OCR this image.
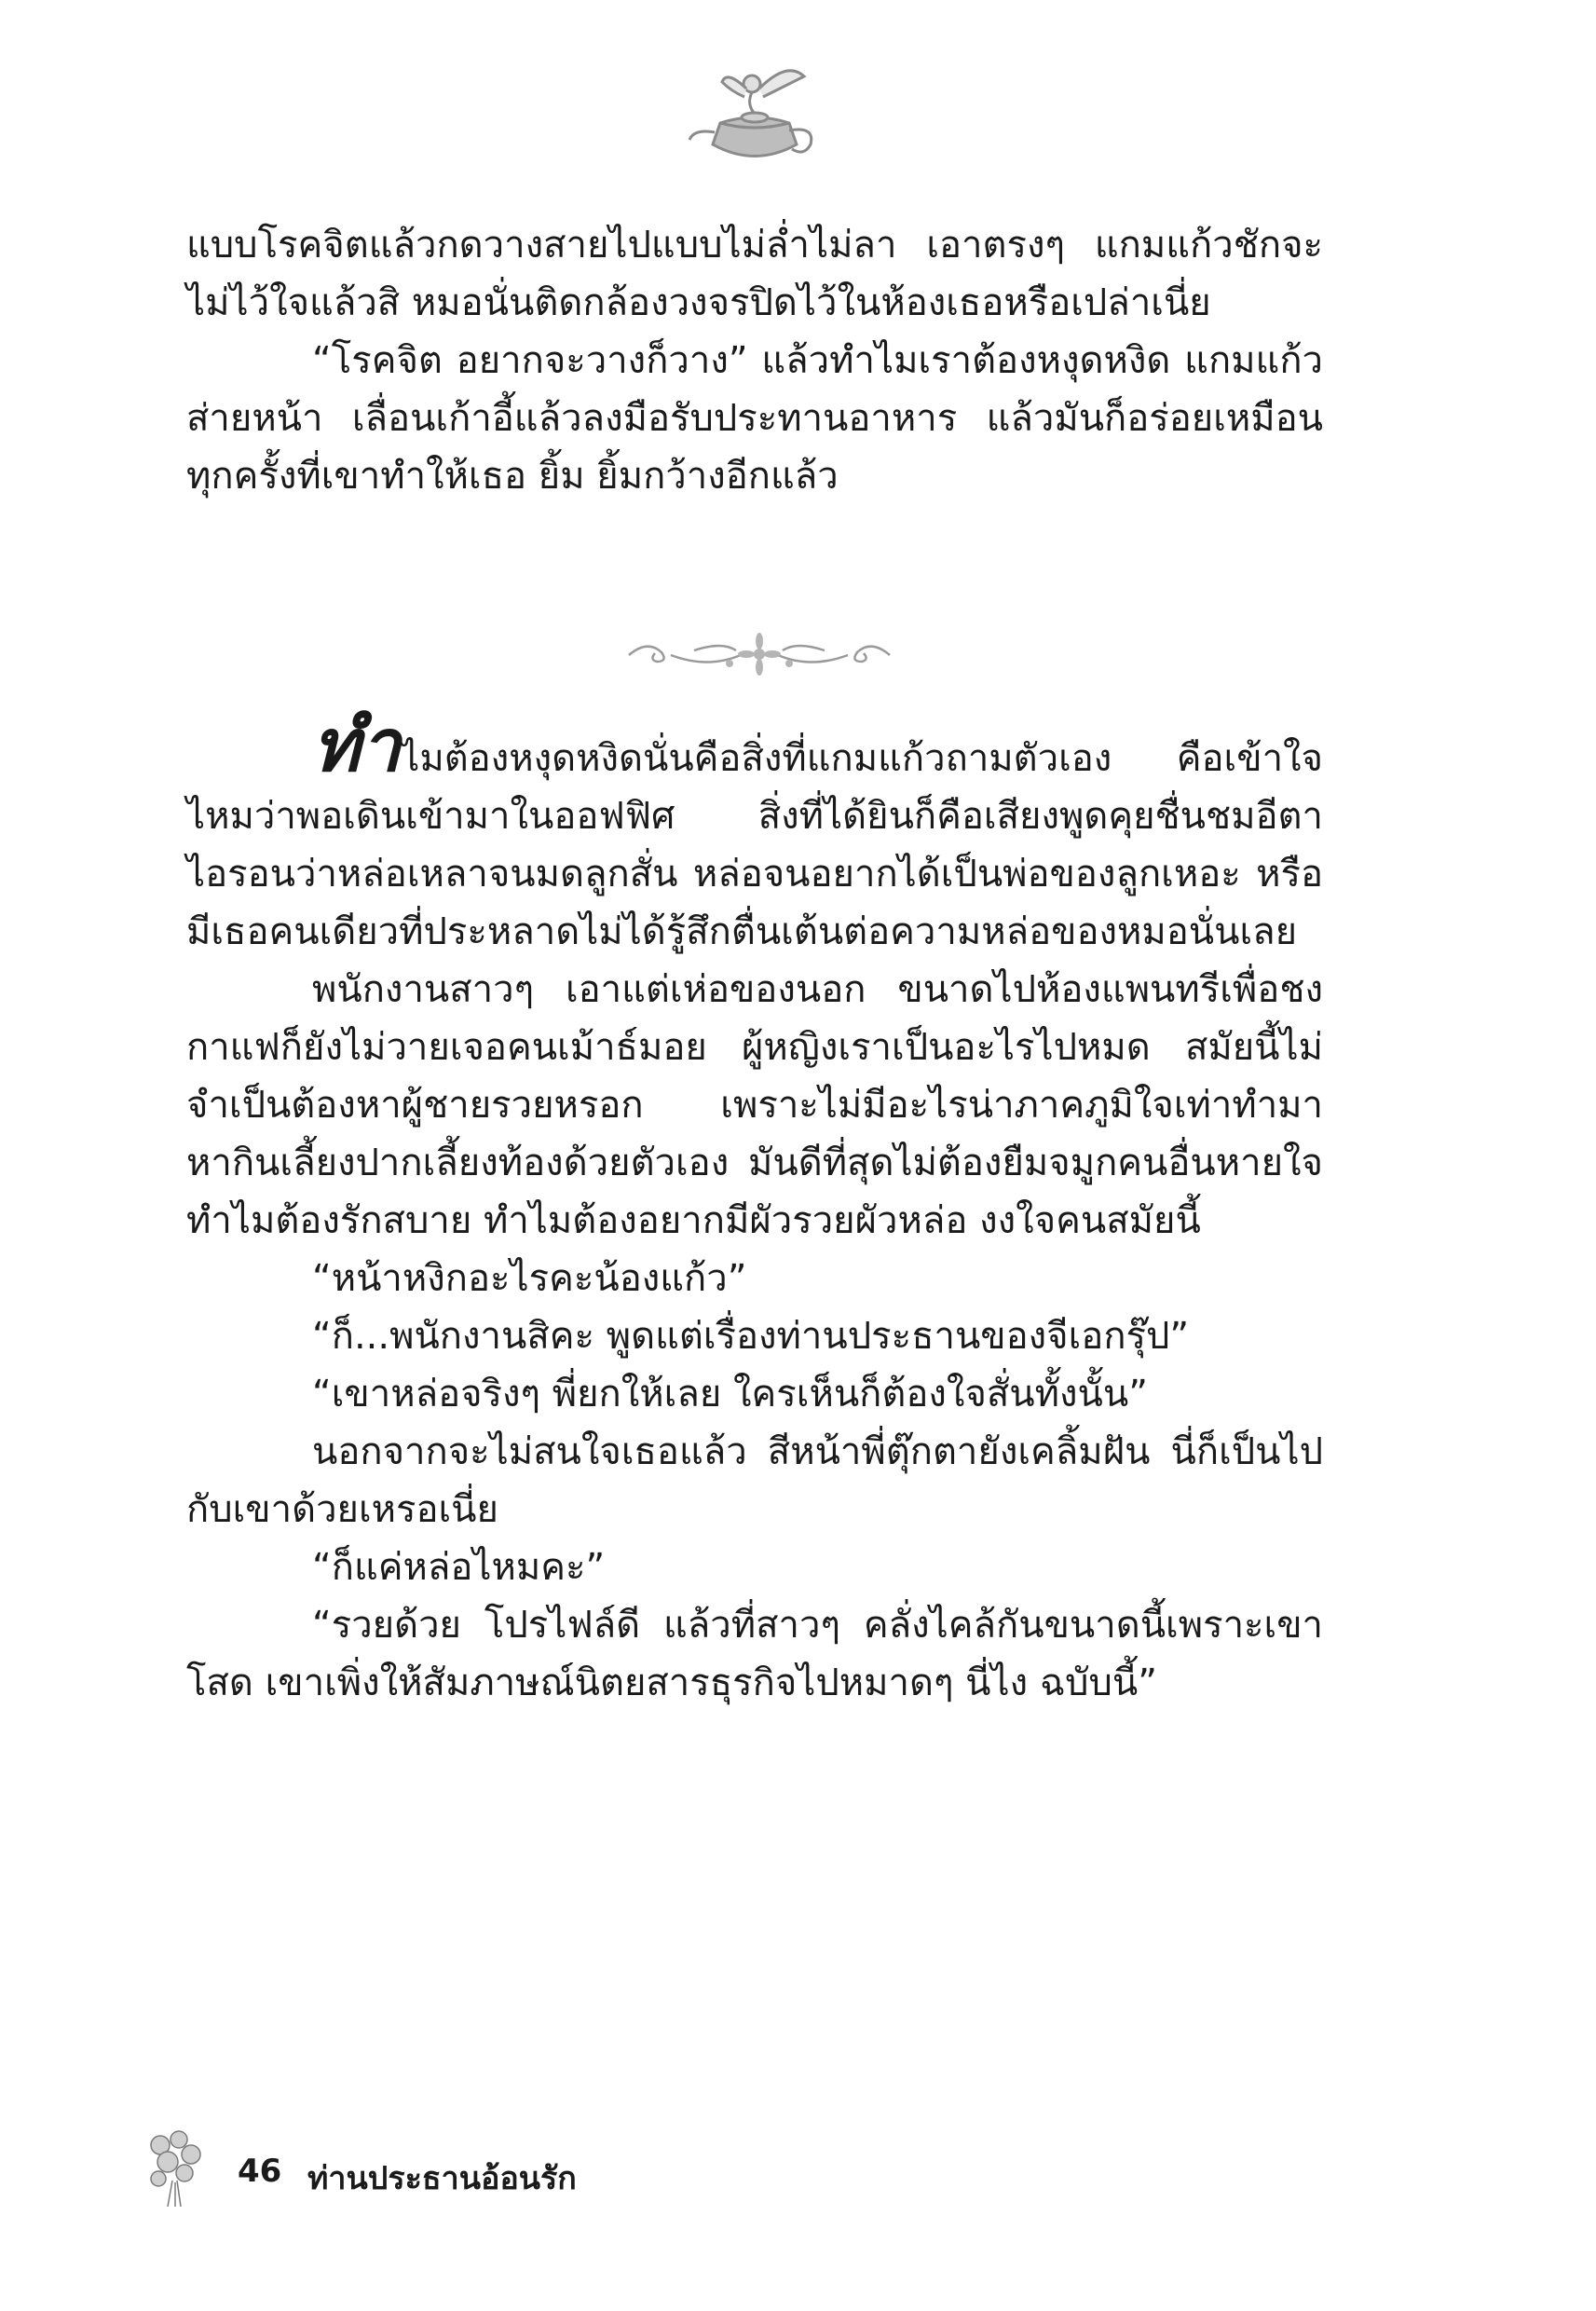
แบบโรคจิตแล้วกดวางสายไปแบบไม่ล่ำไม่ลา เอาตรงๆ แกมแก้วชักจะไม่ไว้ใจแล้วสิ หมอนั่นติดกล้องวงจรปิดไว้ในห้องเธอหรือเปล่าเนี่ย

“โรคจิต อยากจะวางก็วาง” แล้วทำไมเราต้องหงุดหงิด แกมแก้วส่ายหน้า เลื่อนเก้าอี้แล้วลงมือรับประทานอาหาร แล้วมันก็อร่อยเหมือนทุกครั้งที่เขาทำให้เธอ ยิ้ม ยิ้มกว้างอีกแล้ว

ทำไมต้องหงุดหงิดนั่นคือสิ่งที่แกมแก้วถามตัวเอง คือเข้าใจไหมว่าพอเดินเข้ามาในออฟฟิศ สิ่งที่ได้ยินก็คือเสียงพูดคุยชื่นชมอีตาไอรอนว่าหล่อเหลาจนมดลูกสั่น หล่อจนอยากได้เป็นพ่อของลูกเหอะ หรือมีเธอคนเดียวที่ประหลาดไม่ได้รู้สึกตื่นเต้นต่อความหล่อของหมอนั่นเลย

พนักงานสาวๆ เอาแต่เห่อของนอก ขนาดไปห้องแพนทรีเพื่อชงกาแฟก็ยังไม่วายเจอคนเม้าธ์มอย ผู้หญิงเราเป็นอะไรไปหมด สมัยนี้ไม่จำเป็นต้องหาผู้ชายรวยหรอก เพราะไม่มีอะไรน่าภาคภูมิใจเท่าทำมาหากินเลี้ยงปากเลี้ยงท้องด้วยตัวเอง มันดีที่สุดไม่ต้องยืมจมูกคนอื่นหายใจ ทำไมต้องรักสบาย ทำไมต้องอยากมีผัวรวยผัวหล่อ งงใจคนสมัยนี้

“หน้าหงิกอะไรคะน้องแก้ว”

“ก็...พนักงานสิคะ พูดแต่เรื่องท่านประธานของจีเอกรุ๊ป”

“เขาหล่อจริงๆ พี่ยกให้เลย ใครเห็นก็ต้องใจสั่นทั้งนั้น”

นอกจากจะไม่สนใจเธอแล้ว สีหน้าพี่ตุ๊กตายังเคลิ้มฝัน นี่ก็เป็นไปกับเขาด้วยเหรอเนี่ย

“ก็แค่หล่อไหมคะ”

“รวยด้วย โปรไฟล์ดี แล้วที่สาวๆ คลั่งไคล้กันขนาดนี้เพราะเขาโสด เขาเพิ่งให้สัมภาษณ์นิตยสารธุรกิจไปหมาดๆ นี่ไง ฉบับนี้”

46 ท่านประธานอ้อนรัก
